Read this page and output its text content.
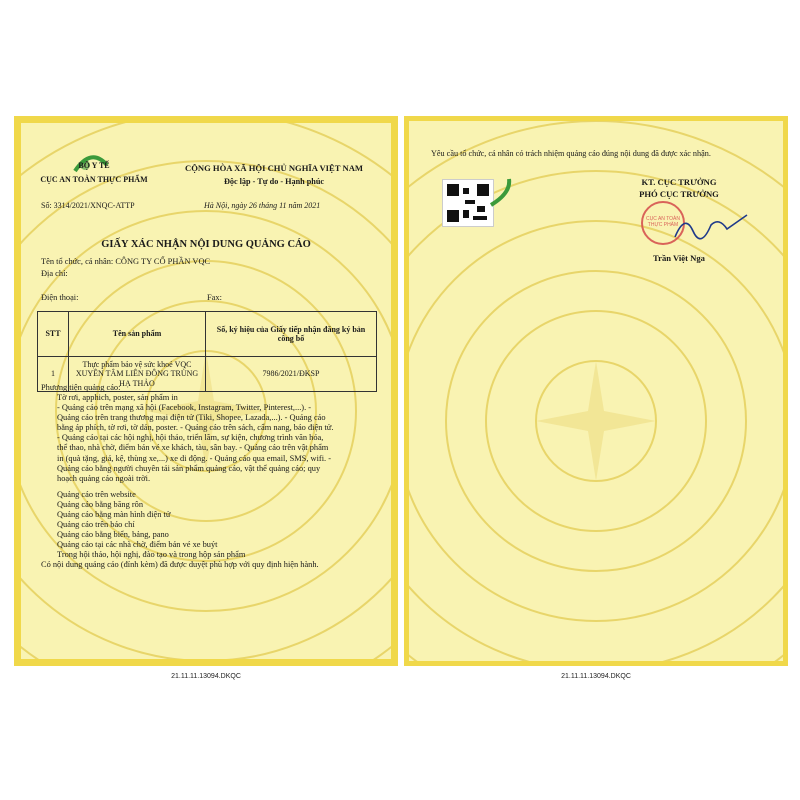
BỘ Y TẾ
CỤC AN TOÀN THỰC PHẨM
CỘNG HÒA XÃ HỘI CHỦ NGHĨA VIỆT NAM
Độc lập - Tự do - Hạnh phúc
Số: 3314/2021/XNQC-ATTP	Hà Nội, ngày 26 tháng 11 năm 2021
GIẤY XÁC NHẬN NỘI DUNG QUẢNG CÁO
Tên tổ chức, cá nhân: CÔNG TY CỔ PHẦN VQC
Địa chỉ:
Điện thoại:	Fax:
STT	Tên sản phẩm	Số, ký hiệu của Giấy tiếp nhận đăng ký bản công bố
1	Thực phẩm bảo vệ sức khoẻ VQC XUYÊN TÂM LIÊN ĐÔNG TRÙNG HẠ THẢO	7986/2021/ĐKSP
Phương tiện quảng cáo:
Tờ rơi, apphich, poster, sản phẩm in
- Quảng cáo trên mạng xã hội (Facebook, Instagram, Twitter, Pinterest,...). -
Quảng cáo trên trang thương mại điện tử (Tiki, Shopee, Lazada,...). - Quảng cáo
bằng áp phích, tờ rơi, tờ dán, poster. - Quảng cáo trên sách, cẩm nang, báo điện tử.
- Quảng cáo tại các hội nghị, hội thảo, triển lãm, sự kiện, chương trình văn hóa,
thể thao, nhà chờ, điểm bán vé xe khách, tàu, sân bay. - Quảng cáo trên vật phẩm
in (quà tặng, giá, kệ, thùng xe,...) xe di động. - Quảng cáo qua email, SMS, wifi. -
Quảng cáo bằng người chuyên tải sản phẩm quảng cáo, vật thể quảng cáo; quy
hoạch quảng cáo ngoài trời.
Quảng cáo trên website
Quảng cáo bằng băng rôn
Quảng cáo bằng màn hình điện tử
Quảng cáo trên báo chí
Quảng cáo bằng biển, bảng, pano
Quảng cáo tại các nhà chờ, điểm bán vé xe buýt
Trong hội thảo, hội nghị, đào tạo và trong hộp sản phẩm
Có nội dung quảng cáo (đính kèm) đã được duyệt phù hợp với quy định hiện hành.
Yêu cầu tổ chức, cá nhân có trách nhiệm quảng cáo đúng nội dung đã được xác nhận.
KT. CỤC TRƯỞNG
PHÓ CỤC TRƯỞNG
CỤC AN TOÀN THỰC PHẨM
Trần Việt Nga
21.11.11.13094.DKQC	21.11.11.13094.DKQC
